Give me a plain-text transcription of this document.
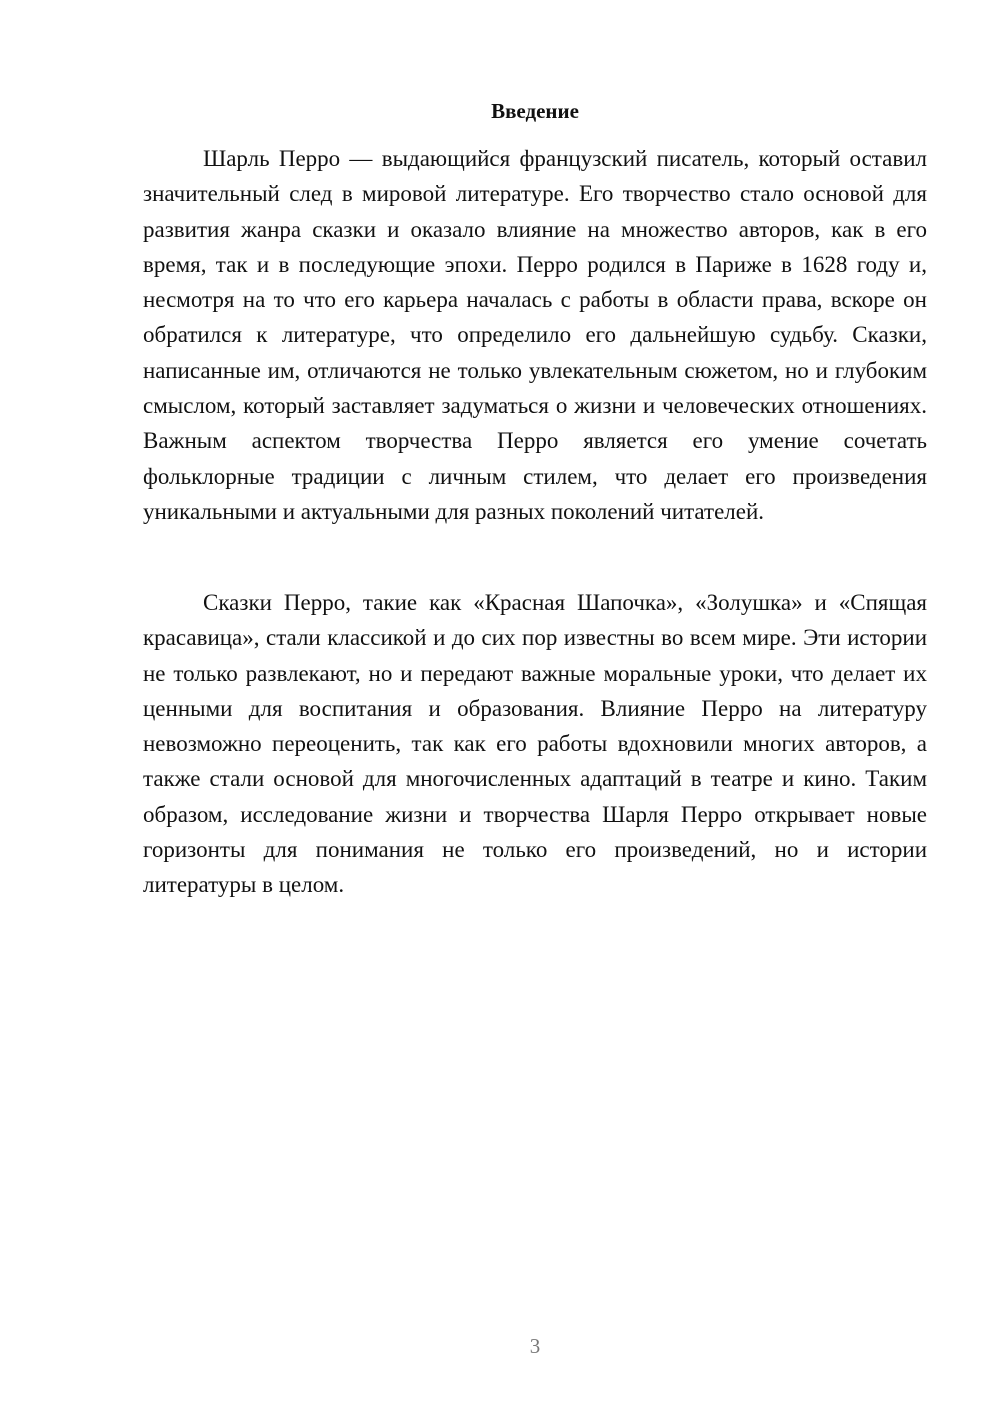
Введение

Шарль Перро — выдающийся французский писатель, который оставил значительный след в мировой литературе. Его творчество стало основой для развития жанра сказки и оказало влияние на множество авторов, как в его время, так и в последующие эпохи. Перро родился в Париже в 1628 году и, несмотря на то что его карьера началась с работы в области права, вскоре он обратился к литературе, что определило его дальнейшую судьбу. Сказки, написанные им, отличаются не только увлекательным сюжетом, но и глубоким смыслом, который заставляет задуматься о жизни и человеческих отношениях. Важным аспектом творчества Перро является его умение сочетать фольклорные традиции с личным стилем, что делает его произведения уникальными и актуальными для разных поколений читателей.

Сказки Перро, такие как «Красная Шапочка», «Золушка» и «Спящая красавица», стали классикой и до сих пор известны во всем мире. Эти истории не только развлекают, но и передают важные моральные уроки, что делает их ценными для воспитания и образования. Влияние Перро на литературу невозможно переоценить, так как его работы вдохновили многих авторов, а также стали основой для многочисленных адаптаций в театре и кино. Таким образом, исследование жизни и творчества Шарля Перро открывает новые горизонты для понимания не только его произведений, но и истории литературы в целом.

3
